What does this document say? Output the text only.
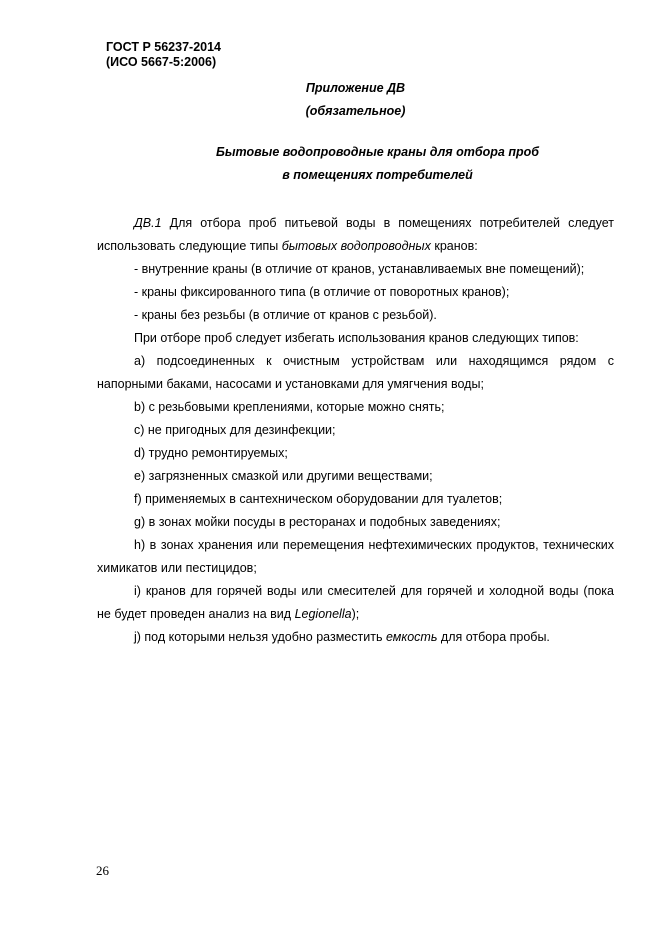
ГОСТ Р 56237-2014
(ИСО 5667-5:2006)
Приложение ДВ
(обязательное)
Бытовые водопроводные краны для отбора проб
в помещениях потребителей

ДВ.1 Для отбора проб питьевой воды в помещениях потребителей следует использовать следующие типы бытовых водопроводных кранов:

- внутренние краны (в отличие от кранов, устанавливаемых вне помещений);

- краны фиксированного типа (в отличие от поворотных кранов);

- краны без резьбы (в отличие от кранов с резьбой).

При отборе проб следует избегать использования кранов следующих типов:

a) подсоединенных к очистным устройствам или находящимся рядом с напорными баками, насосами и установками для умягчения воды;

b) с резьбовыми креплениями, которые можно снять;

c) не пригодных для дезинфекции;

d) трудно ремонтируемых;

e) загрязненных смазкой или другими веществами;

f) применяемых в сантехническом оборудовании для туалетов;

g) в зонах мойки посуды в ресторанах и подобных заведениях;

h) в зонах хранения или перемещения нефтехимических продуктов, технических химикатов или пестицидов;

i) кранов для горячей воды или смесителей для горячей и холодной воды (пока не будет проведен анализ на вид Legionella);

j) под которыми нельзя удобно разместить емкость для отбора пробы.

26
